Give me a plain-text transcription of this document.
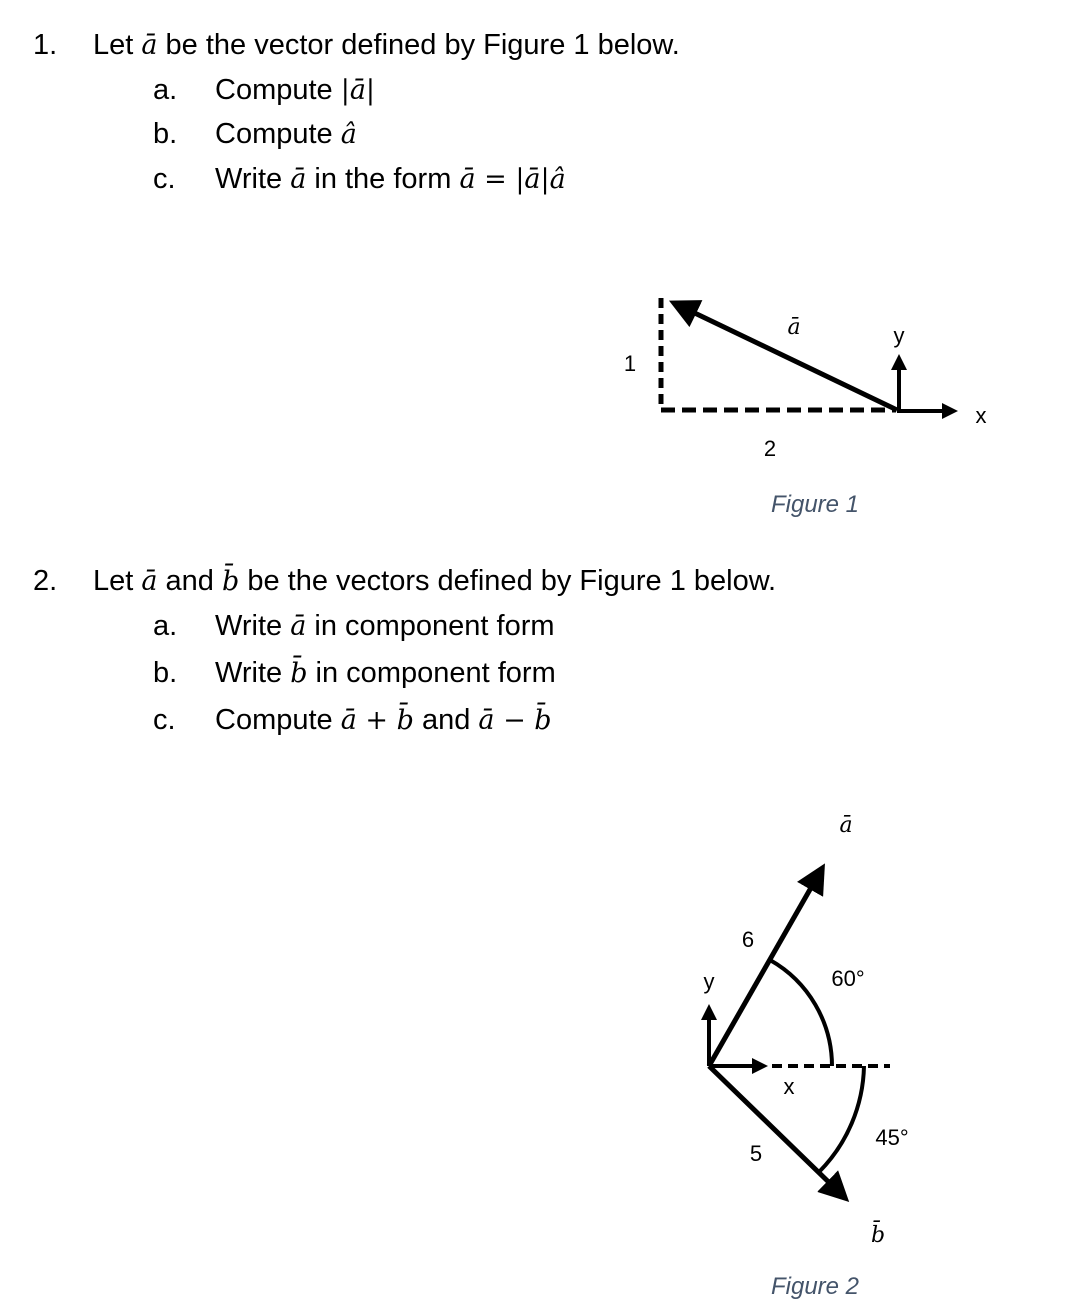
1. Let ā be the vector defined by Figure 1 below.
a. Compute |ā|
b. Compute â
c. Write ā in the form ā = |ā|â
2. Let ā and b̄ be the vectors defined by Figure 1 below.
a. Write ā in component form
b. Write b̄ in component form
c. Compute ā + b̄ and ā − b̄
ā	y
1
x
2
Figure 1
ā
6
60°
y
x
5
45°
b̄
Figure 2
